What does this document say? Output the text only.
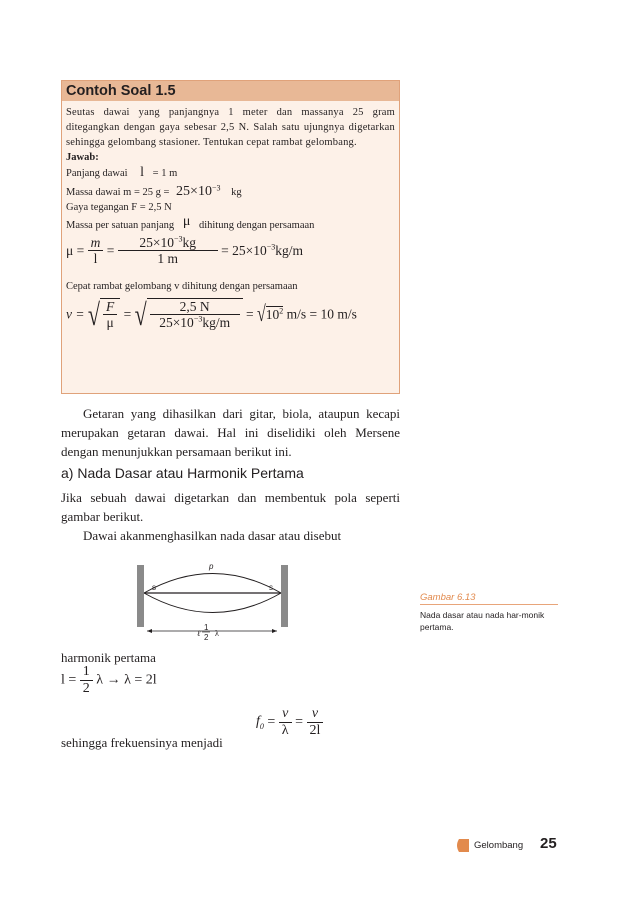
Contoh Soal 1.5
Seutas dawai yang panjangnya 1 meter dan massanya 25 gram ditegangkan dengan gaya sebesar 2,5 N. Salah satu ujungnya digetarkan sehingga gelombang stasioner. Tentukan cepat rambat gelombang.
Jawab:
Panjang dawai l = 1 m
Massa dawai m = 25 $g = 25\times 10^{-3}$ kg
Gaya tegangan F = 2,5 N
Massa per satuan panjang μ dihitung dengan persamaan
$\mu = \frac{m}{l} = \frac{25\times 10^{-3}kg}{1 m} = 25\times 10^{-3}kg/m$
Cepat rambat gelombang v dihitung dengan persamaan
v = √ $\frac{F}{\mu}$ = √ $\frac{2,5 N}{25\times 10^{-3}kg/m} = √10^2$ m/s = 10 m/s
Getaran yang dihasilkan dari gitar, biola, ataupun kecapi merupakan getaran dawai. Hal ini diselidiki oleh Mersene dengan menunjukkan persamaan berikut ini.
a) Nada Dasar atau Harmonik Pertama
Jika sebuah dawai digetarkan dan membentuk pola seperti gambar berikut.
Dawai akanmenghasilkan nada dasar atau disebut
p
s	s
ℓ
1
2 λ
Gambar 6.13
Nada dasar atau nada har-monik pertama.
harmonik pertama
$l = \frac{1}{2}$ λ → λ = 2l
$f_0 = \frac{v}{\lambda} = \frac{v}{2l}$
sehingga frekuensinya menjadi
Gelombang 25
